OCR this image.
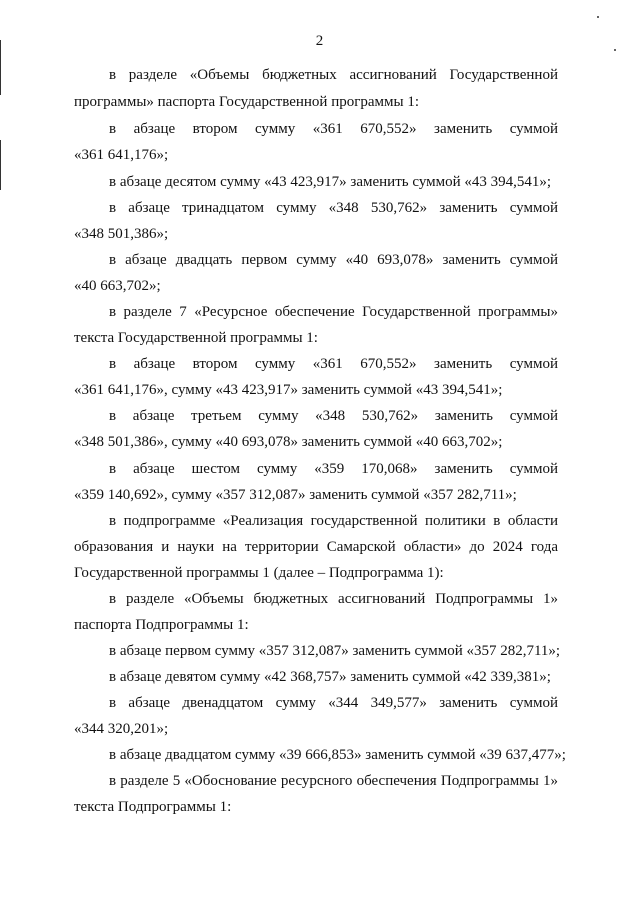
2
в разделе «Объемы бюджетных ассигнований Государственной
программы» паспорта Государственной программы 1:
в абзаце втором сумму «361 670,552» заменить суммой
«361 641,176»;
в абзаце десятом сумму «43 423,917» заменить суммой «43 394,541»;
в абзаце тринадцатом сумму «348 530,762» заменить суммой
«348 501,386»;
в абзаце двадцать первом сумму «40 693,078» заменить суммой
«40 663,702»;
в разделе 7 «Ресурсное обеспечение Государственной программы»
текста Государственной программы 1:
в абзаце втором сумму «361 670,552» заменить суммой
«361 641,176», сумму «43 423,917» заменить суммой «43 394,541»;
в абзаце третьем сумму «348 530,762» заменить суммой
«348 501,386», сумму «40 693,078» заменить суммой «40 663,702»;
в абзаце шестом сумму «359 170,068» заменить суммой
«359 140,692», сумму «357 312,087» заменить суммой «357 282,711»;
в подпрограмме «Реализация государственной политики в области
образования и науки на территории Самарской области» до 2024 года
Государственной программы 1 (далее – Подпрограмма 1):
в разделе «Объемы бюджетных ассигнований Подпрограммы 1»
паспорта Подпрограммы 1:
в абзаце первом сумму «357 312,087» заменить суммой «357 282,711»;
в абзаце девятом сумму «42 368,757» заменить суммой «42 339,381»;
в абзаце двенадцатом сумму «344 349,577» заменить суммой
«344 320,201»;
в абзаце двадцатом сумму «39 666,853» заменить суммой «39 637,477»;
в разделе 5 «Обоснование ресурсного обеспечения Подпрограммы 1»
текста Подпрограммы 1:
